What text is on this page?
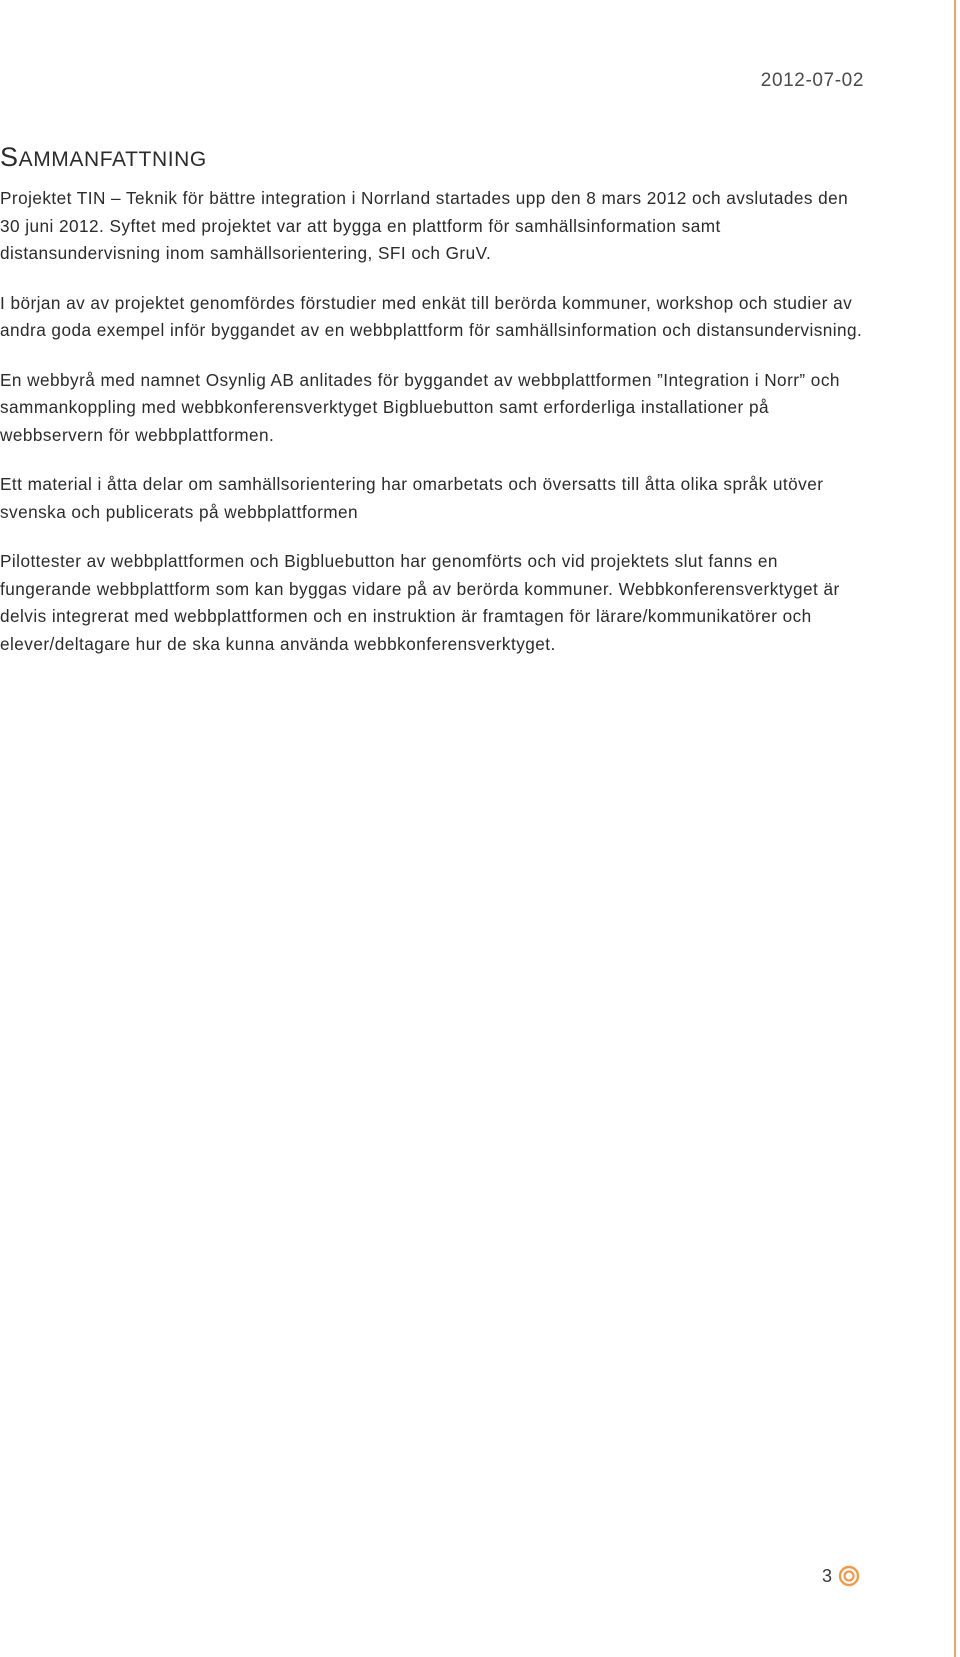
2012-07-02
SAMMANFATTNING

Projektet TIN – Teknik för bättre integration i Norrland startades upp den 8 mars 2012 och avslutades den 30 juni 2012. Syftet med projektet var att bygga en plattform för samhällsinformation samt distansundervisning inom samhällsorientering, SFI och GruV.

I början av av projektet genomfördes förstudier med enkät till berörda kommuner, workshop och studier av andra goda exempel inför byggandet av en webbplattform för samhällsinformation och distansundervisning.

En webbyrå med namnet Osynlig AB anlitades för byggandet av webbplattformen ”Integration i Norr” och sammankoppling med webbkonferensverktyget Bigbluebutton samt erforderliga installationer på webbservern för webbplattformen.

Ett material i åtta delar om samhällsorientering har omarbetats och översatts till åtta olika språk utöver svenska och publicerats på webbplattformen

Pilottester av webbplattformen och Bigbluebutton har genomförts och vid projektets slut fanns en fungerande webbplattform som kan byggas vidare på av berörda kommuner. Webbkonferensverktyget är delvis integrerat med webbplattformen och en instruktion är framtagen för lärare/kommunikatörer och elever/deltagare hur de ska kunna använda webbkonferensverktyget.

3
